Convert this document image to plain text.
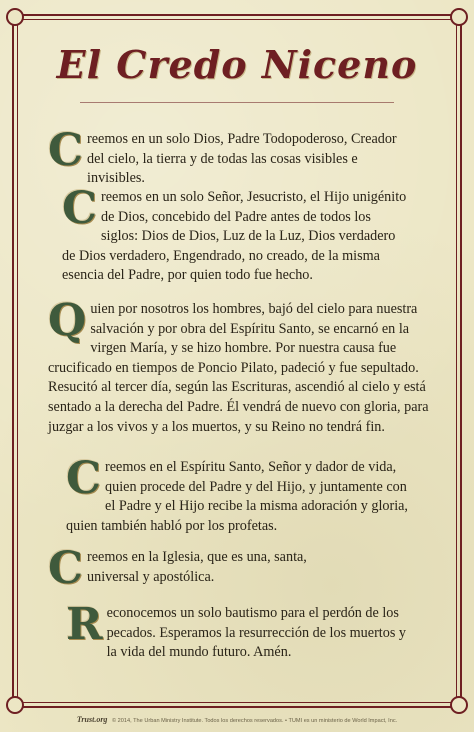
El Credo Niceno
C reemos en un solo Dios, Padre Todopoderoso, Creador del cielo, la tierra y de todas las cosas visibles e invisibles.

C reemos en un solo Señor, Jesucristo, el Hijo unigénito de Dios, concebido del Padre antes de todos los siglos: Dios de Dios, Luz de la Luz, Dios verdadero de Dios verdadero, Engendrado, no creado, de la misma esencia del Padre, por quien todo fue hecho.

Q uien por nosotros los hombres, bajó del cielo para nuestra salvación y por obra del Espíritu Santo, se encarnó en la virgen María, y se hizo hombre. Por nuestra causa fue crucificado en tiempos de Poncio Pilato, padeció y fue sepultado. Resucitó al tercer día, según las Escrituras, ascendió al cielo y está sentado a la derecha del Padre. Él vendrá de nuevo con gloria, para juzgar a los vivos y a los muertos, y su Reino no tendrá fin.

C reemos en el Espíritu Santo, Señor y dador de vida, quien procede del Padre y del Hijo, y juntamente con el Padre y el Hijo recibe la misma adoración y gloria, quien también habló por los profetas.

C reemos en la Iglesia, que es una, santa, universal y apostólica.

R econocemos un solo bautismo para el perdón de los pecados. Esperamos la resurrección de los muertos y la vida del mundo futuro. Amén.

Trust.org © 2014, The Urban Ministry Institute. Todos los derechos reservados. • TUMI es un ministerio de World Impact, Inc.
